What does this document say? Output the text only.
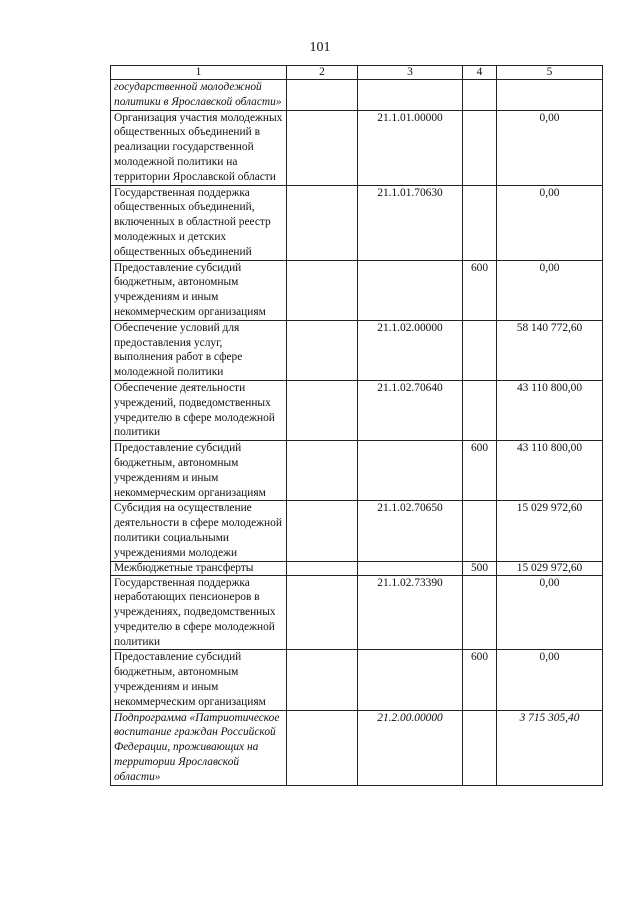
101
1	2	3	4	5
государственной молодежной политики в Ярославской области»				
Организация участия молодежных общественных объединений в реализации государственной молодежной политики на территории Ярославской области		21.1.01.00000		0,00
Государственная поддержка общественных объединений, включенных в областной реестр молодежных и детских общественных объединений		21.1.01.70630		0,00
Предоставление субсидий бюджетным, автономным учреждениям и иным некоммерческим организациям			600	0,00
Обеспечение условий для предоставления услуг, выполнения работ в сфере молодежной политики		21.1.02.00000		58 140 772,60
Обеспечение деятельности учреждений, подведомственных учредителю в сфере молодежной политики		21.1.02.70640		43 110 800,00
Предоставление субсидий бюджетным, автономным учреждениям и иным некоммерческим организациям			600	43 110 800,00
Субсидия на осуществление деятельности в сфере молодежной политики социальными учреждениями молодежи		21.1.02.70650		15 029 972,60
Межбюджетные трансферты			500	15 029 972,60
Государственная поддержка неработающих пенсионеров в учреждениях, подведомственных учредителю в сфере молодежной политики		21.1.02.73390		0,00
Предоставление субсидий бюджетным, автономным учреждениям и иным некоммерческим организациям			600	0,00
Подпрограмма «Патриотическое воспитание граждан Российской Федерации, проживающих на территории Ярославской области»		21.2.00.00000		3 715 305,40
